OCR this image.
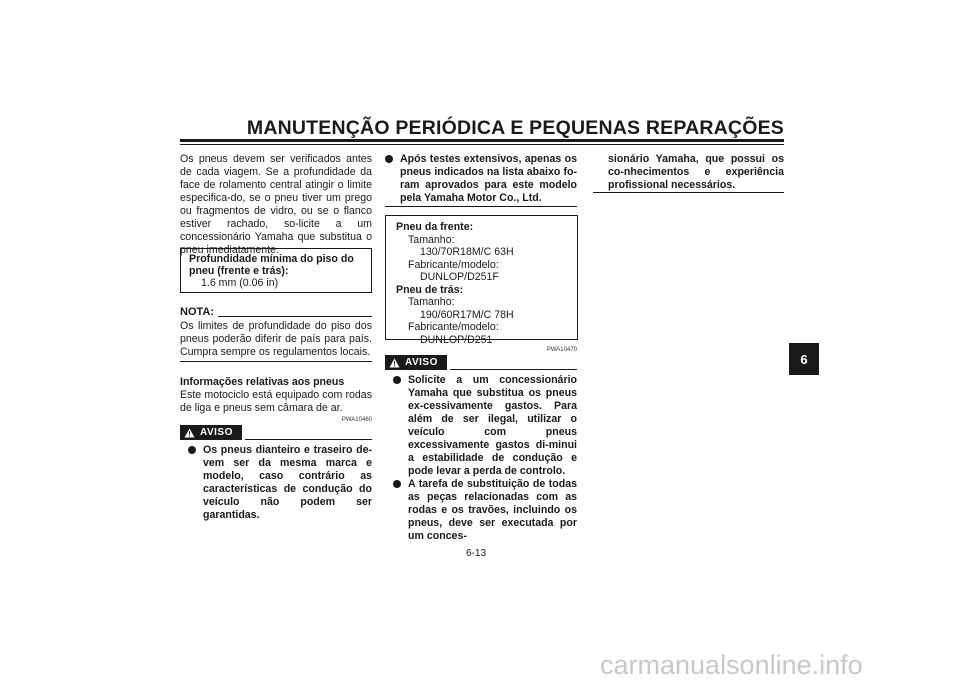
MANUTENÇÃO PERIÓDICA E PEQUENAS REPARAÇÕES
6
Os pneus devem ser verificados antes de cada viagem. Se a profundidade da face de rolamento central atingir o limite especifica-do, se o pneu tiver um prego ou fragmentos de vidro, ou se o flanco estiver rachado, so-licite a um concessionário Yamaha que substitua o pneu imediatamente.
Profundidade mínima do piso do pneu (frente e trás):
1.6 mm (0.06 in)
NOTA:
Os limites de profundidade do piso dos pneus poderão diferir de país para país. Cumpra sempre os regulamentos locais.
Informações relativas aos pneus
Este motociclo está equipado com rodas de liga e pneus sem câmara de ar.
PWA10460
AVISO
Os pneus dianteiro e traseiro de-vem ser da mesma marca e modelo, caso contrário as características de condução do veículo não podem ser garantidas.
Após testes extensivos, apenas os pneus indicados na lista abaixo fo-ram aprovados para este modelo pela Yamaha Motor Co., Ltd.
Pneu da frente:
Tamanho:
130/70R18M/C 63H
Fabricante/modelo:
DUNLOP/D251F
Pneu de trás:
Tamanho:
190/60R17M/C 78H
Fabricante/modelo:
DUNLOP/D251
PWA10470
AVISO
Solicite a um concessionário Yamaha que substitua os pneus ex-cessivamente gastos. Para além de ser ilegal, utilizar o veículo com pneus excessivamente gastos di-minui a estabilidade de condução e pode levar a perda de controlo.
A tarefa de substituição de todas as peças relacionadas com as rodas e os travões, incluindo os pneus, deve ser executada por um conces-
sionário Yamaha, que possui os co-nhecimentos e experiência profissional necessários.
6-13
carmanualsonline.info
